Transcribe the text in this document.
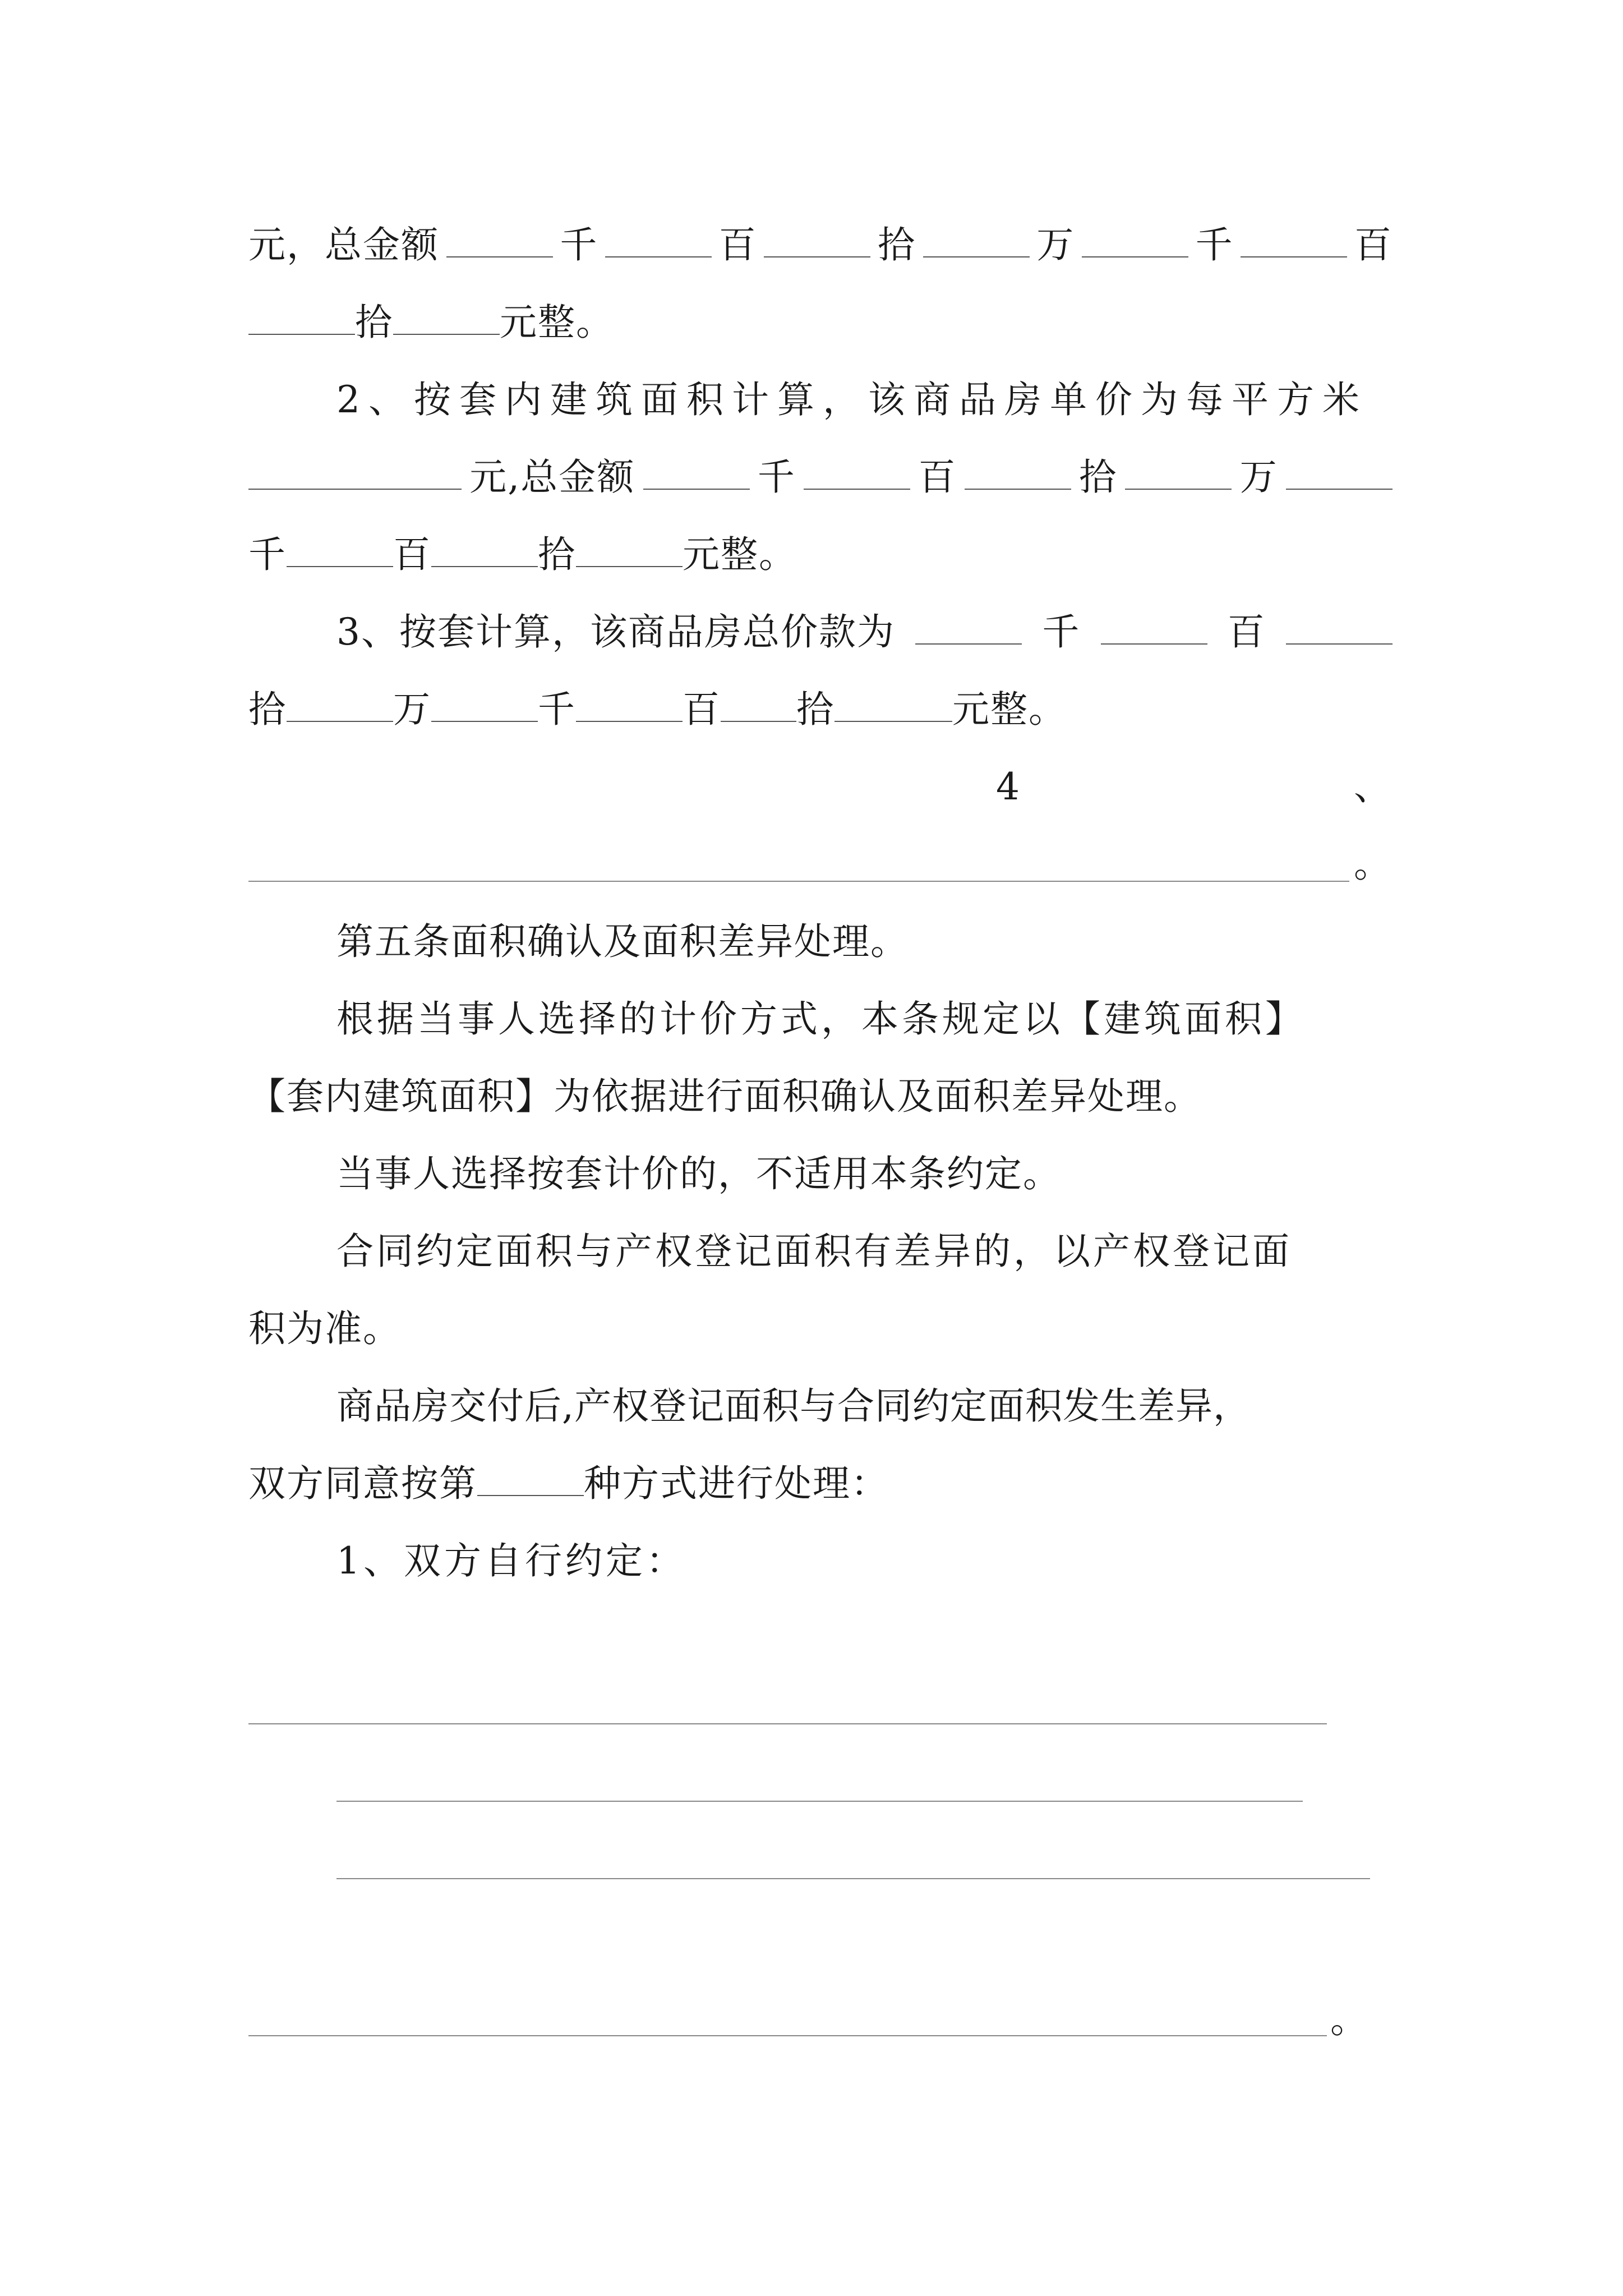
元，总金额	千	百	拾	万	千	百
拾	元整。
2、按套内建筑面积计算，该商品房单价为每平方米
元,总金额	千	百	拾	万
千	百	拾	元整。
3、按套计算，该商品房总价款为	千	百
拾	万	千	百 拾	元整。
4	、
。
第五条面积确认及面积差异处理。
根据当事人选择的计价方式，本条规定以【建筑面积】
【套内建筑面积】为依据进行面积确认及面积差异处理。
当事人选择按套计价的，不适用本条约定。
合同约定面积与产权登记面积有差异的，以产权登记面
积为准。
商品房交付后,产权登记面积与合同约定面积发生差异，
双方同意按第	种方式进行处理：
1、双方自行约定：
。
